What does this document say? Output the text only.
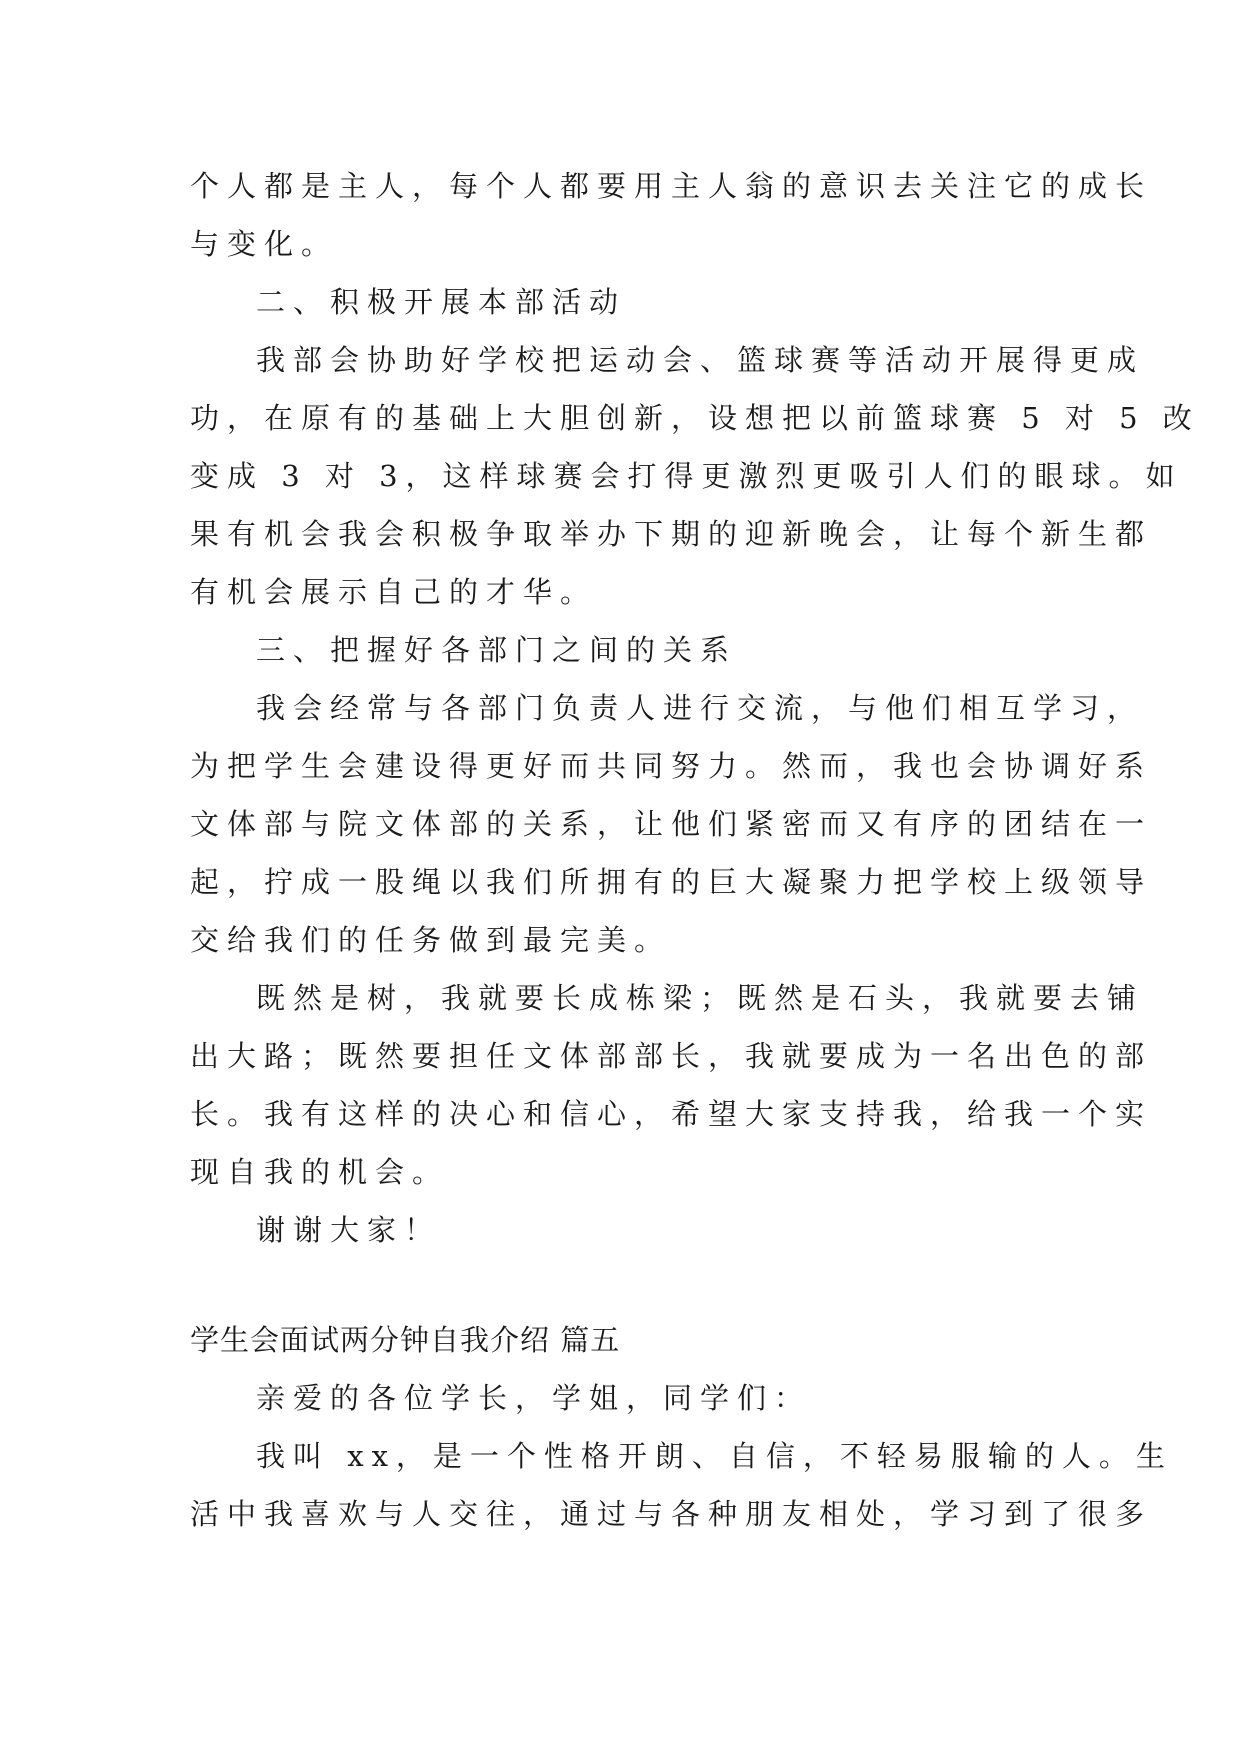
个人都是主人，每个人都要用主人翁的意识去关注它的成长
与变化。
二、积极开展本部活动
我部会协助好学校把运动会、篮球赛等活动开展得更成
功，在原有的基础上大胆创新，设想把以前篮球赛 5 对 5 改
变成 3 对 3，这样球赛会打得更激烈更吸引人们的眼球。如
果有机会我会积极争取举办下期的迎新晚会，让每个新生都
有机会展示自己的才华。
三、把握好各部门之间的关系
我会经常与各部门负责人进行交流，与他们相互学习，
为把学生会建设得更好而共同努力。然而，我也会协调好系
文体部与院文体部的关系，让他们紧密而又有序的团结在一
起，拧成一股绳以我们所拥有的巨大凝聚力把学校上级领导
交给我们的任务做到最完美。
既然是树，我就要长成栋梁；既然是石头，我就要去铺
出大路；既然要担任文体部部长，我就要成为一名出色的部
长。我有这样的决心和信心，希望大家支持我，给我一个实
现自我的机会。
谢谢大家！
学生会面试两分钟自我介绍 篇五
亲爱的各位学长，学姐，同学们：
我叫 xx，是一个性格开朗、自信，不轻易服输的人。生
活中我喜欢与人交往，通过与各种朋友相处，学习到了很多
